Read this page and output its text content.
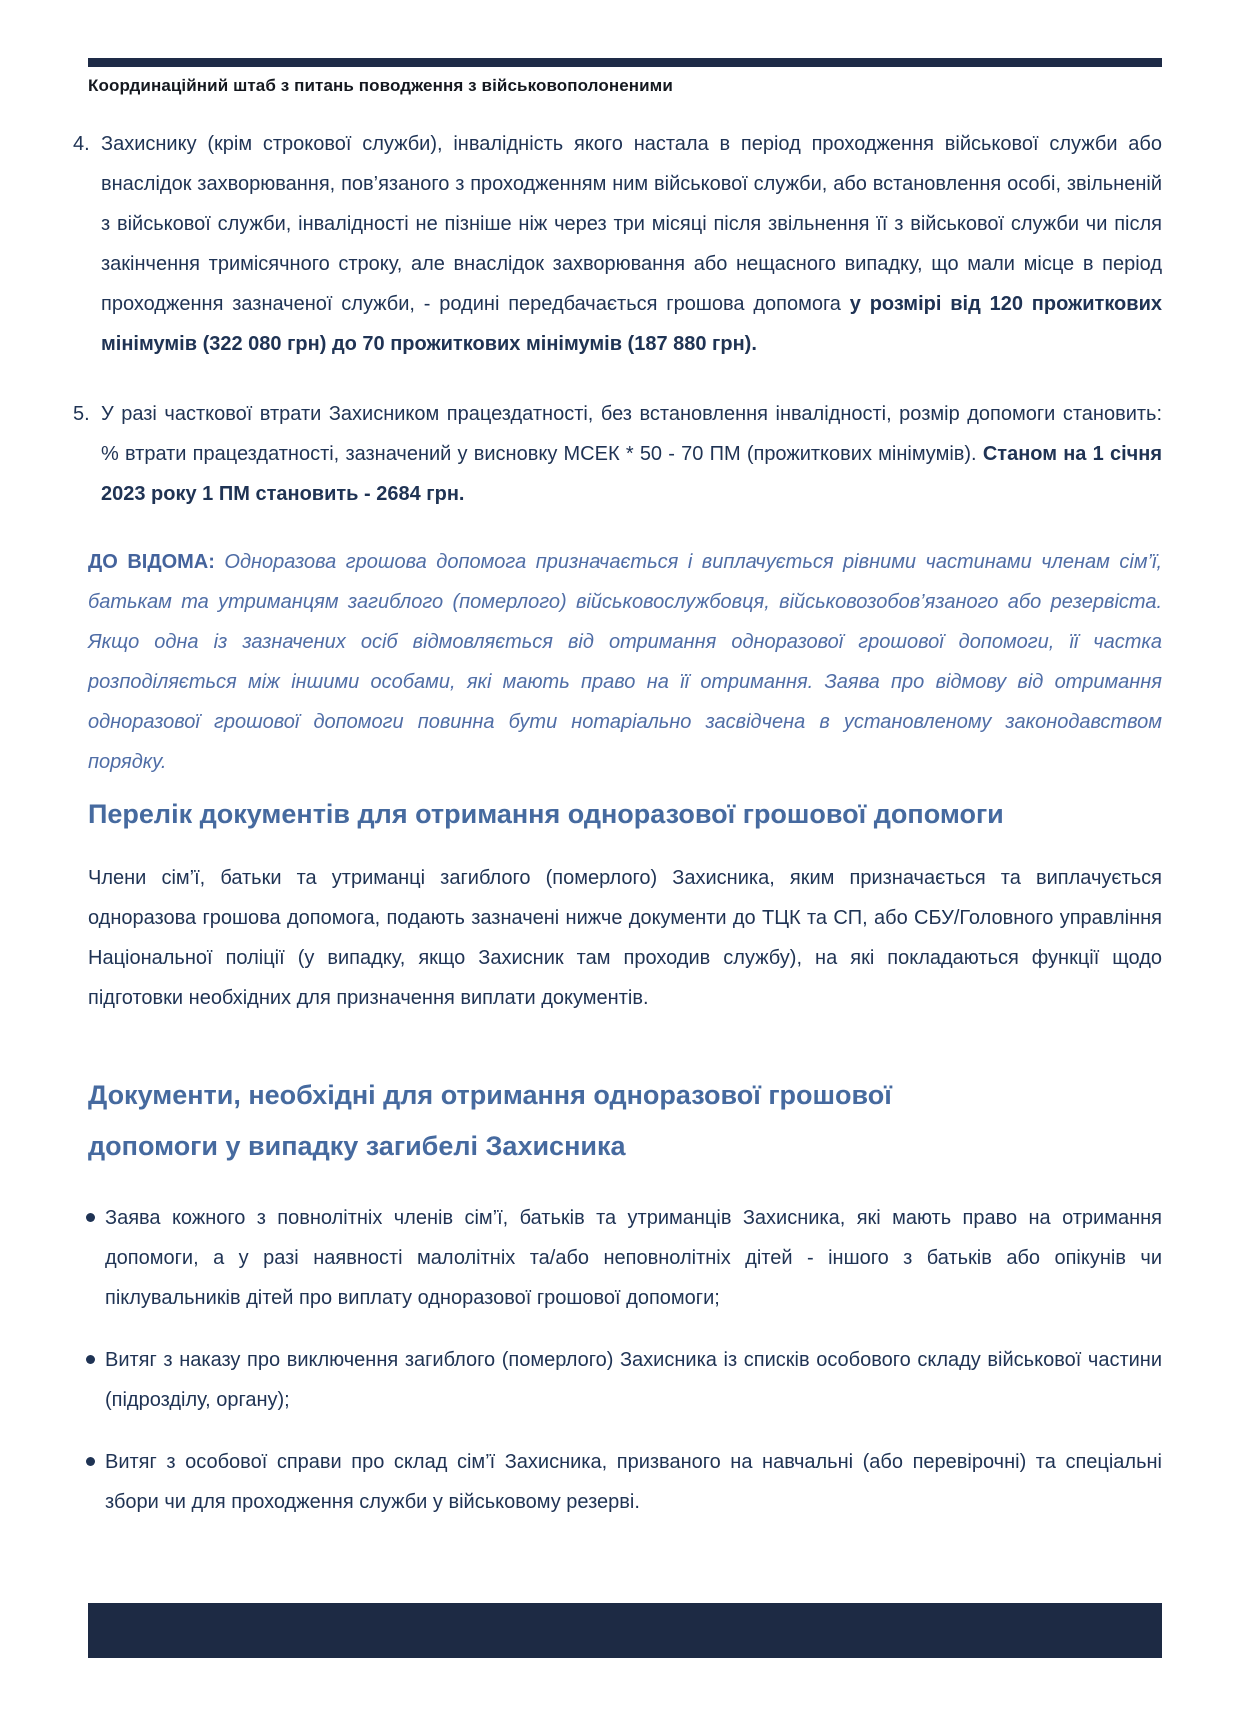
Координаційний штаб з питань поводження з військовополоненими
4. Захиснику (крім строкової служби), інвалідність якого настала в період проходження військової служби або внаслідок захворювання, пов’язаного з проходженням ним військової служби, або встановлення особі, звільненій з військової служби, інвалідності не пізніше ніж через три місяці після звільнення її з військової служби чи після закінчення тримісячного строку, але внаслідок захворювання або нещасного випадку, що мали місце в період проходження зазначеної служби, - родині передбачається грошова допомога у розмірі від 120 прожиткових мінімумів (322 080 грн) до 70 прожиткових мінімумів (187 880 грн).
5. У разі часткової втрати Захисником працездатності, без встановлення інвалідності, розмір допомоги становить: % втрати працездатності, зазначений у висновку МСЕК * 50 - 70 ПМ (прожиткових мінімумів). Станом на 1 січня 2023 року 1 ПМ становить - 2684 грн.

ДО ВІДОМА: Одноразова грошова допомога призначається і виплачується рівними частинами членам сім’ї, батькам та утриманцям загиблого (померлого) військовослужбовця, військовозобов’язаного або резервіста. Якщо одна із зазначених осіб відмовляється від отримання одноразової грошової допомоги, її частка розподіляється між іншими особами, які мають право на її отримання. Заява про відмову від отримання одноразової грошової допомоги повинна бути нотаріально засвідчена в установленому законодавством порядку.

Перелік документів для отримання одноразової грошової допомоги

Члени сім’ї, батьки та утриманці загиблого (померлого) Захисника, яким призначається та виплачується одноразова грошова допомога, подають зазначені нижче документи до ТЦК та СП, або СБУ/Головного управління Національної поліції (у випадку, якщо Захисник там проходив службу), на які покладаються функції щодо підготовки необхідних для призначення виплати документів.

Документи, необхідні для отримання одноразової грошової допомоги у випадку загибелі Захисника
Заява кожного з повнолітніх членів сім’ї, батьків та утриманців Захисника, які мають право на отримання допомоги, а у разі наявності малолітніх та/або неповнолітніх дітей - іншого з батьків або опікунів чи піклувальників дітей про виплату одноразової грошової допомоги;
Витяг з наказу про виключення загиблого (померлого) Захисника із списків особового складу військової частини (підрозділу, органу);
Витяг з особової справи про склад сім’ї Захисника, призваного на навчальні (або перевірочні) та спеціальні збори чи для проходження служби у військовому резерві.
